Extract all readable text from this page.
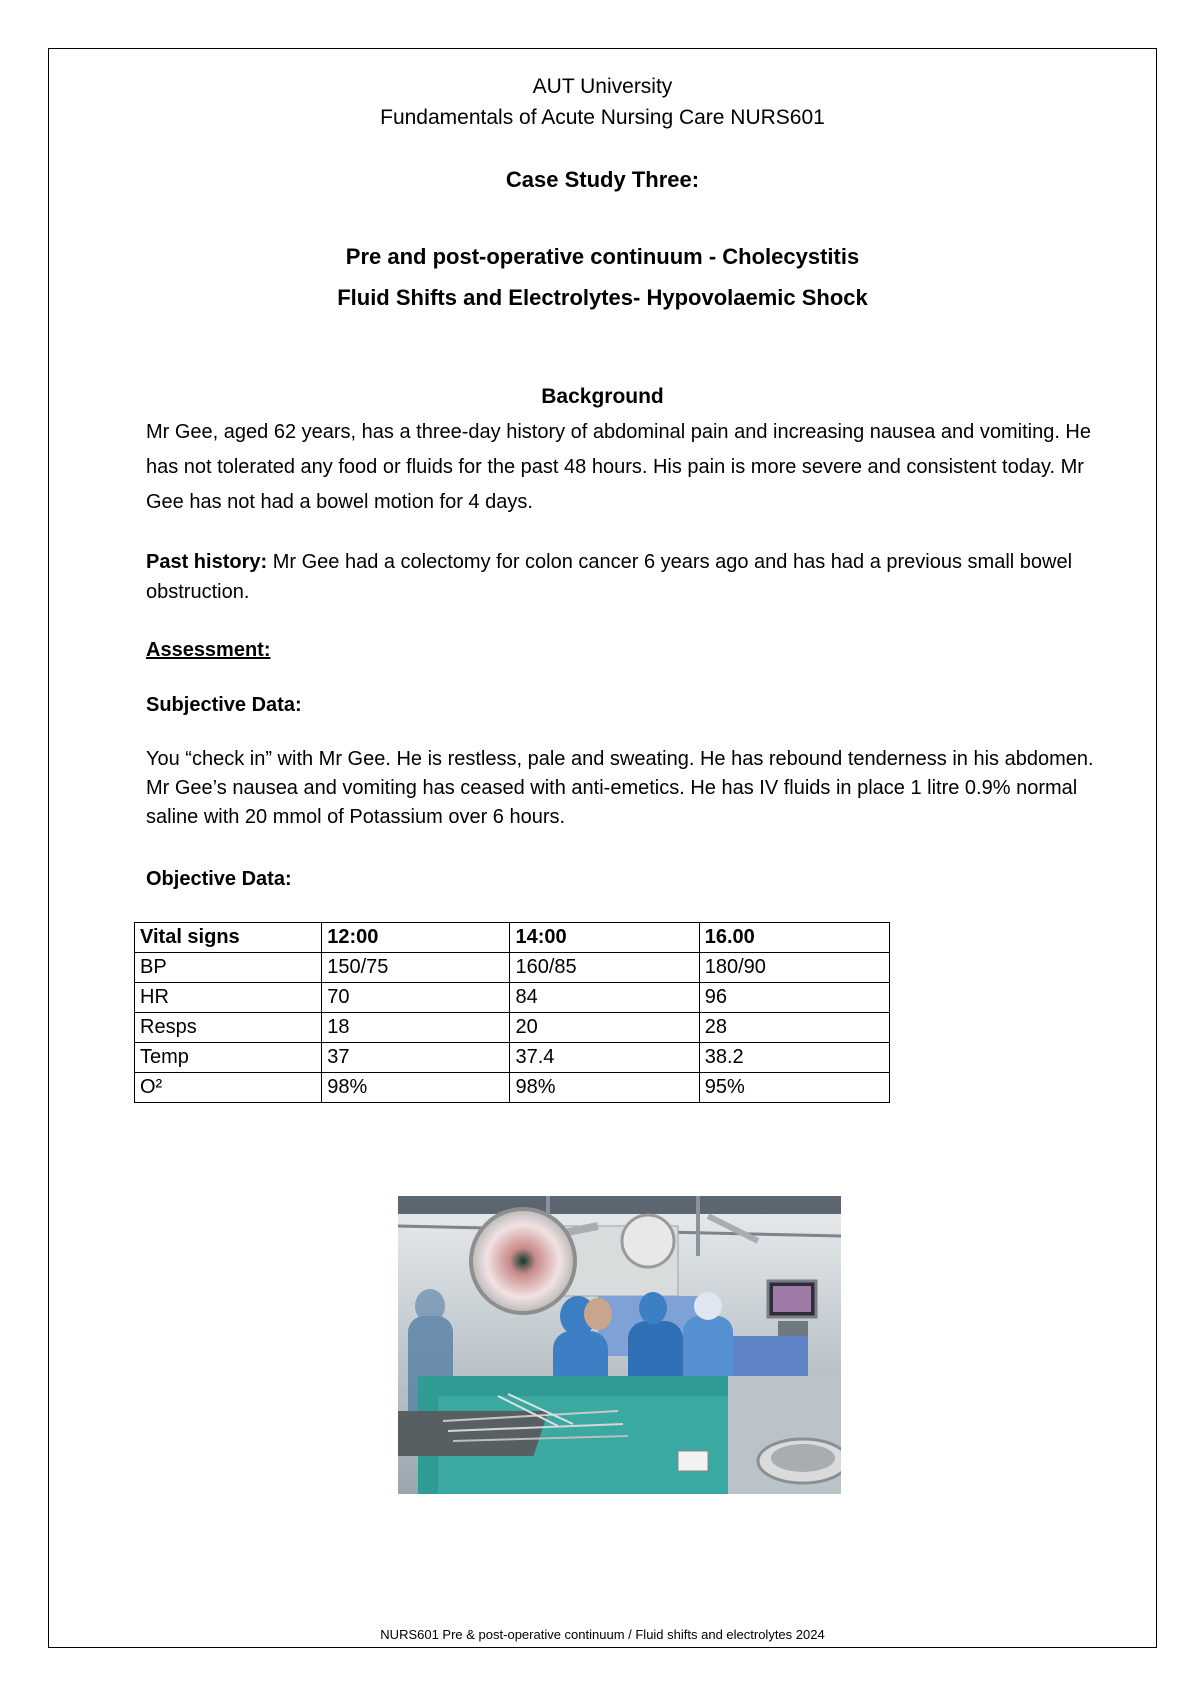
AUT University
Fundamentals of Acute Nursing Care NURS601
Case Study Three:
Pre and post-operative continuum - Cholecystitis
Fluid Shifts and Electrolytes- Hypovolaemic Shock
Background
Mr Gee, aged 62 years, has a three-day history of abdominal pain and increasing nausea and vomiting. He has not tolerated any food or fluids for the past 48 hours. His pain is more severe and consistent today. Mr Gee has not had a bowel motion for 4 days.
Past history: Mr Gee had a colectomy for colon cancer 6 years ago and has had a previous small bowel obstruction.
Assessment:
Subjective Data:
You “check in” with Mr Gee. He is restless, pale and sweating. He has rebound tenderness in his abdomen. Mr Gee’s nausea and vomiting has ceased with anti-emetics. He has IV fluids in place 1 litre 0.9% normal saline with 20 mmol of Potassium over 6 hours.
Objective Data:
Vital signs	12:00	14:00	16.00
BP	150/75	160/85	180/90
HR	70	84	96
Resps	18	20	28
Temp	37	37.4	38.2
O²	98%	98%	95%
NURS601 Pre & post-operative continuum / Fluid shifts and electrolytes 2024
